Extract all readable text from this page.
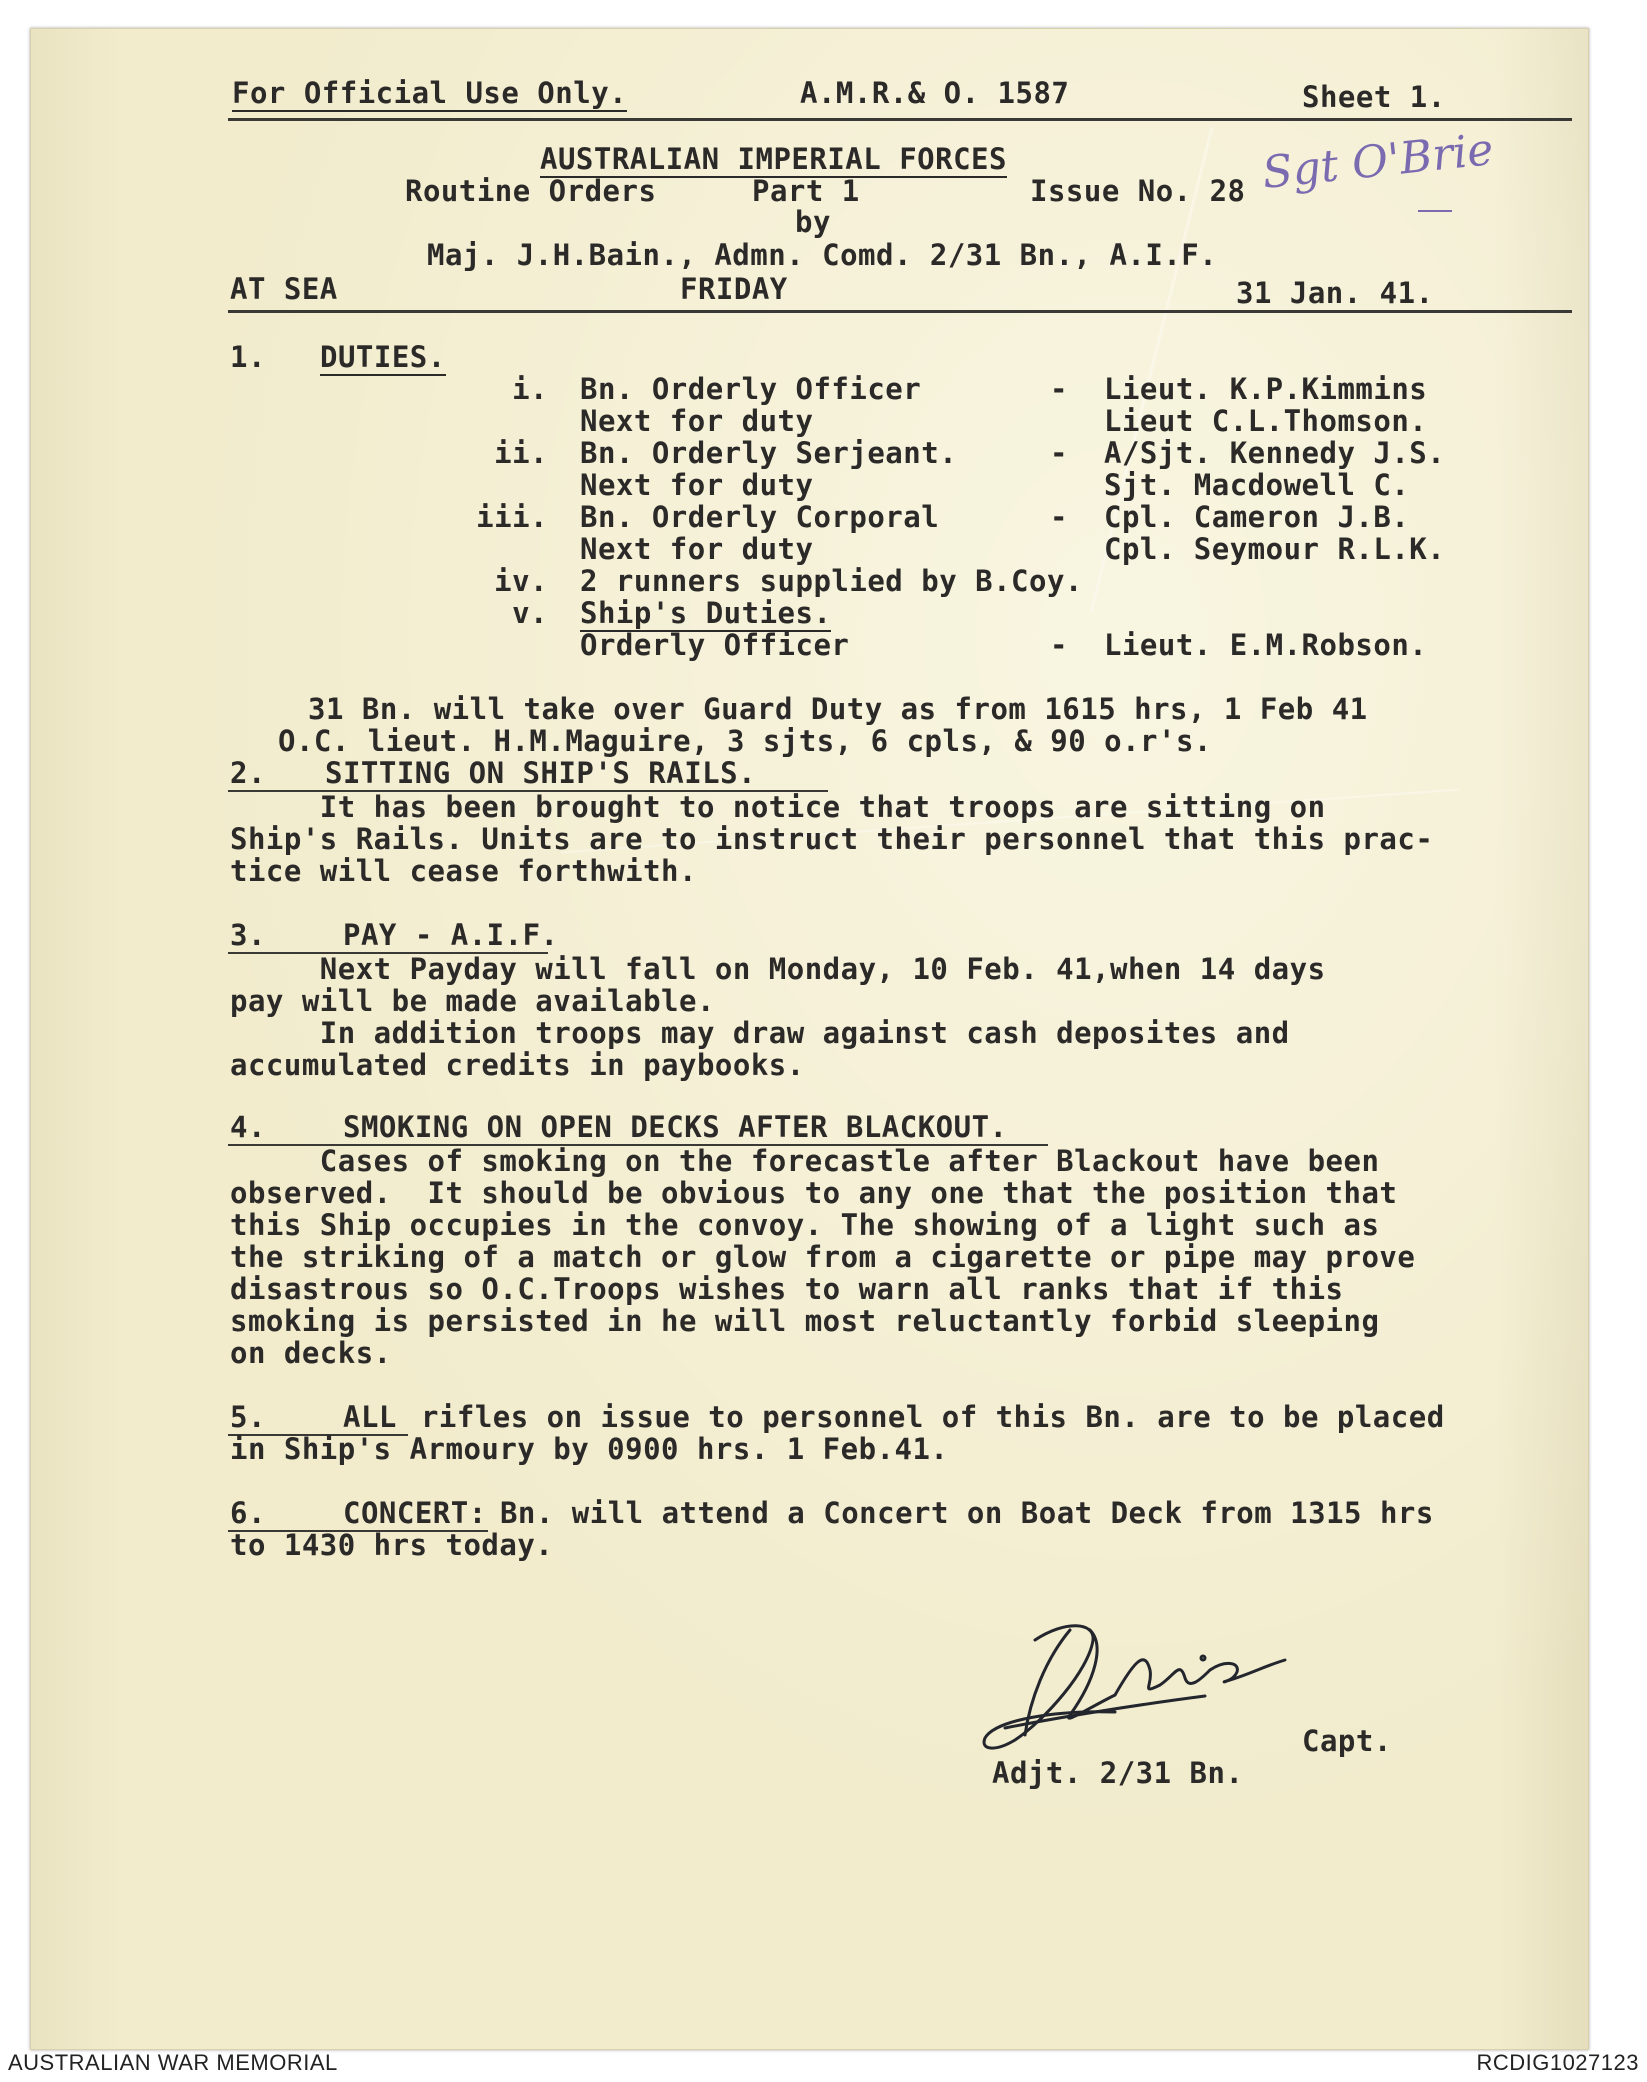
For Official Use Only.	A.M.R.& O. 1587	Sheet 1.
Sgt O'Brie
AUSTRALIAN IMPERIAL FORCES
Routine Orders	Part 1	Issue No. 28
by
Maj. J.H.Bain., Admn. Comd. 2/31 Bn., A.I.F.
AT SEA	FRIDAY	31 Jan. 41.
1. DUTIES.
i. Bn. Orderly Officer	- Lieut. K.P.Kimmins
Next for duty	Lieut C.L.Thomson.
ii. Bn. Orderly Serjeant.	- A/Sjt. Kennedy J.S.
Next for duty	Sjt. Macdowell C.
iii. Bn. Orderly Corporal	- Cpl. Cameron J.B.
Next for duty	Cpl. Seymour R.L.K.
iv. 2 runners supplied by B.Coy.
v. Ship's Duties.
Orderly Officer	- Lieut. E.M.Robson.
31 Bn. will take over Guard Duty as from 1615 hrs, 1 Feb 41
O.C. lieut. H.M.Maguire, 3 sjts, 6 cpls, & 90 o.r's.
2. SITTING ON SHIP'S RAILS.
It has been brought to notice that troops are sitting on
Ship's Rails. Units are to instruct their personnel that this prac-
tice will cease forthwith.
3.	PAY - A.I.F.
Next Payday will fall on Monday, 10 Feb. 41,when 14 days
pay will be made available.
In addition troops may draw against cash deposites and
accumulated credits in paybooks.
4.	SMOKING ON OPEN DECKS AFTER BLACKOUT.
Cases of smoking on the forecastle after Blackout have been
observed.  It should be obvious to any one that the position that
this Ship occupies in the convoy. The showing of a light such as
the striking of a match or glow from a cigarette or pipe may prove
disastrous so O.C.Troops wishes to warn all ranks that if this
smoking is persisted in he will most reluctantly forbid sleeping
on decks.
5.	ALL rifles on issue to personnel of this Bn. are to be placed
in Ship's Armoury by 0900 hrs. 1 Feb.41.
6.	CONCERT:
Bn. will attend a Concert on Boat Deck from 1315 hrs
to 1430 hrs today.
Capt.
Adjt. 2/31 Bn.
AUSTRALIAN WAR MEMORIAL	RCDIG1027123
